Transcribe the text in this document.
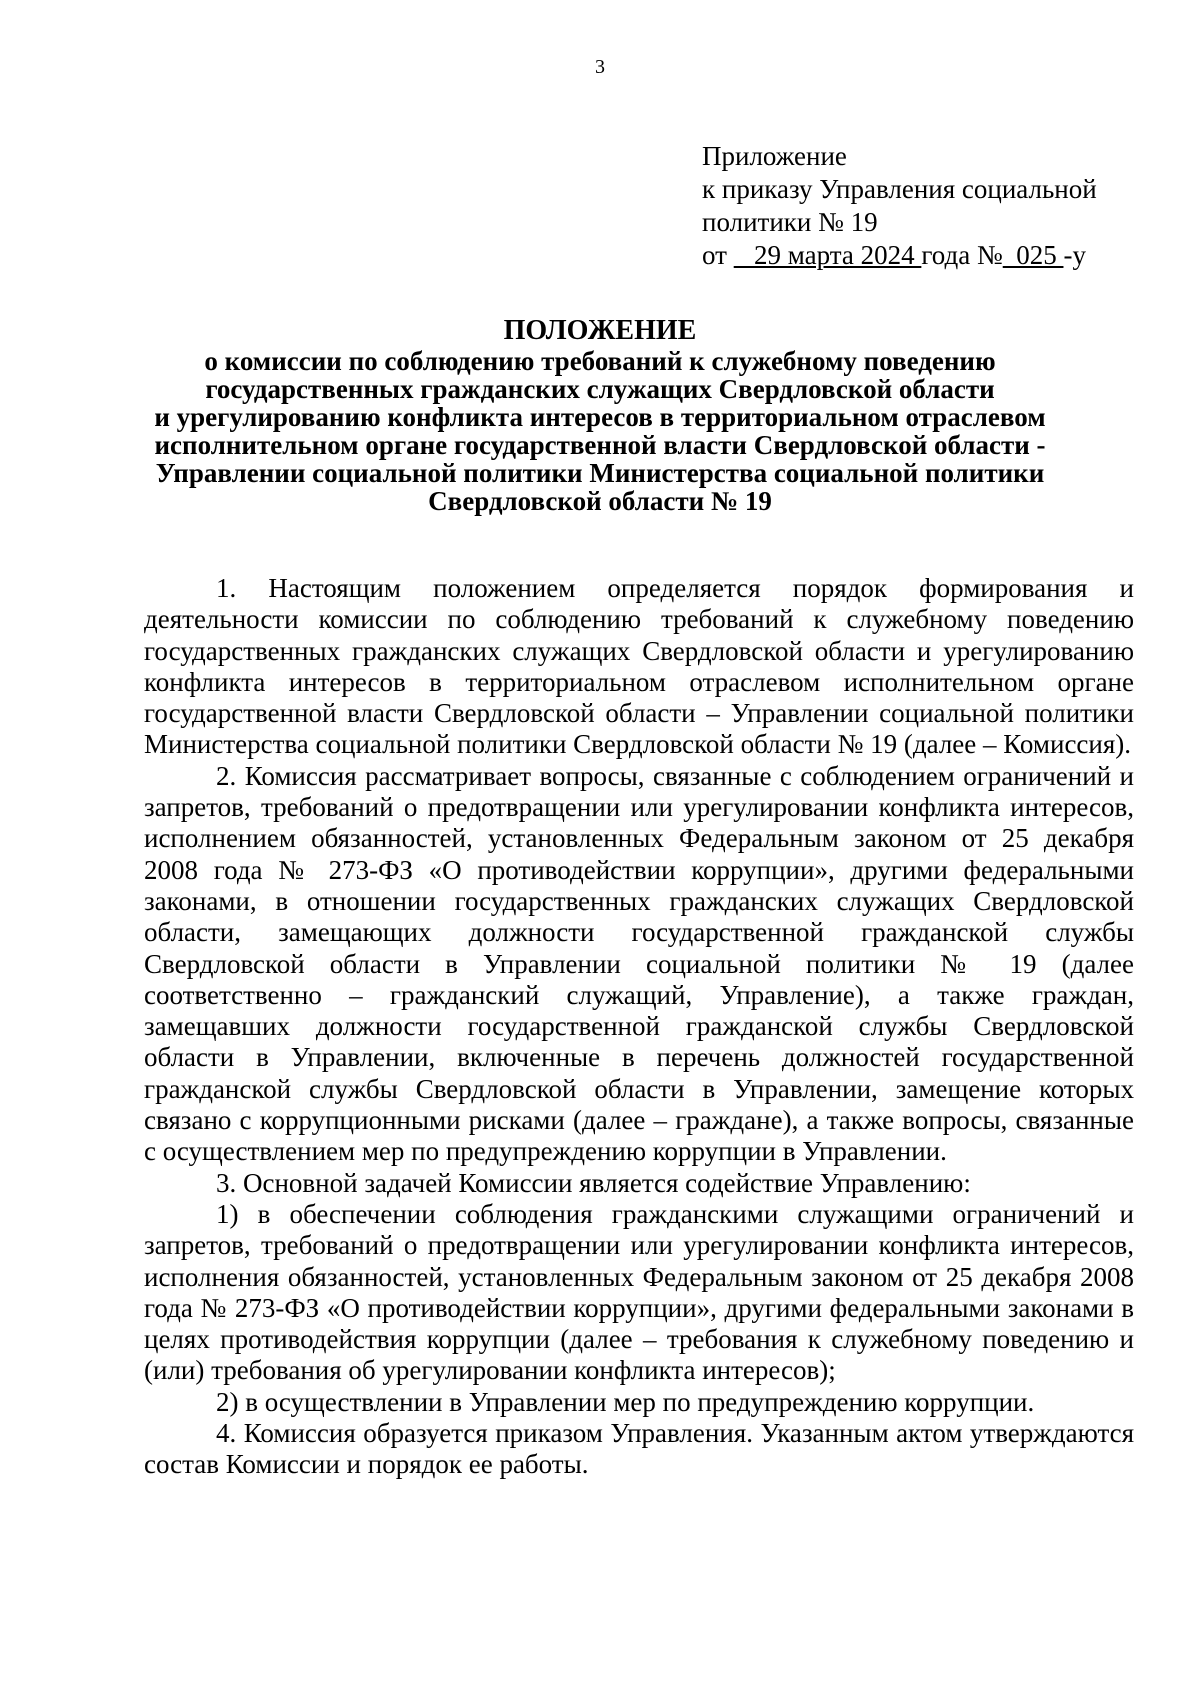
3
Приложение
к приказу Управления социальной
политики № 19
от    29 марта 2024 года №  025 -у
ПОЛОЖЕНИЕ
о комиссии по соблюдению требований к служебному поведению
государственных гражданских служащих Свердловской области
и урегулированию конфликта интересов в территориальном отраслевом
исполнительном органе государственной власти Свердловской области -
Управлении социальной политики Министерства социальной политики
Свердловской области № 19

1. Настоящим положением определяется порядок формирования и деятельности комиссии по соблюдению требований к служебному поведению государственных гражданских служащих Свердловской области и урегулированию конфликта интересов в территориальном отраслевом исполнительном органе государственной власти Свердловской области – Управлении социальной политики Министерства социальной политики Свердловской области № 19 (далее – Комиссия).

2. Комиссия рассматривает вопросы, связанные с соблюдением ограничений и запретов, требований о предотвращении или урегулировании конфликта интересов, исполнением обязанностей, установленных Федеральным законом от 25 декабря 2008 года № 273-ФЗ «О противодействии коррупции», другими федеральными законами, в отношении государственных гражданских служащих Свердловской области, замещающих должности государственной гражданской службы Свердловской области в Управлении социальной политики № 19 (далее соответственно – гражданский служащий, Управление), а также граждан, замещавших должности государственной гражданской службы Свердловской области в Управлении, включенные в перечень должностей государственной гражданской службы Свердловской области в Управлении, замещение которых связано с коррупционными рисками (далее – граждане), а также вопросы, связанные с осуществлением мер по предупреждению коррупции в Управлении.

3. Основной задачей Комиссии является содействие Управлению:

1) в обеспечении соблюдения гражданскими служащими ограничений и запретов, требований о предотвращении или урегулировании конфликта интересов, исполнения обязанностей, установленных Федеральным законом от 25 декабря 2008 года № 273-ФЗ «О противодействии коррупции», другими федеральными законами в целях противодействия коррупции (далее – требования к служебному поведению и (или) требования об урегулировании конфликта интересов);

2) в осуществлении в Управлении мер по предупреждению коррупции.

4. Комиссия образуется приказом Управления. Указанным актом утверждаются состав Комиссии и порядок ее работы.
